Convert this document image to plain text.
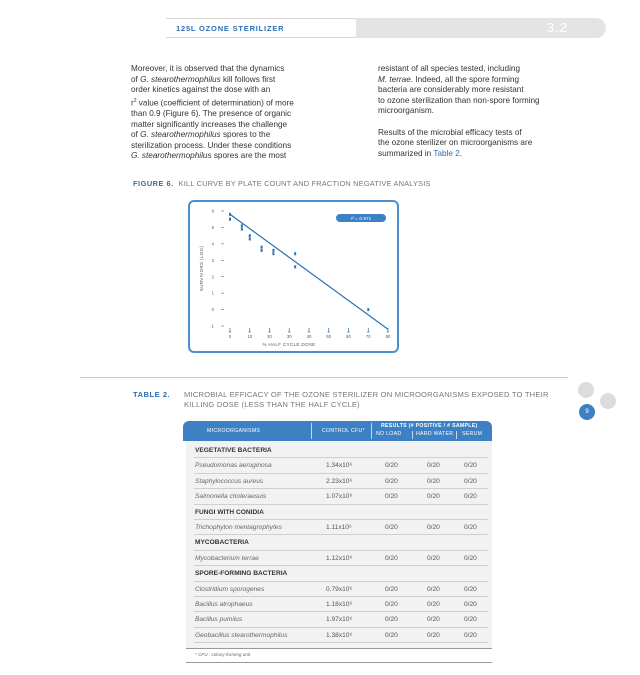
125L OZONE STERILIZER	3.2
Moreover, it is observed that the dynamics
of G. stearothermophilus kill follows first
order kinetics against the dose with an
$r^2$ value (coefficient of determination) of more
than 0.9 (Figure 6). The presence of organic
matter significantly increases the challenge
of G. stearothermophilus spores to the
sterilization process. Under these conditions
G. stearothermophilus spores are the most
resistant of all species tested, including
M. terrae. Indeed, all the spore forming
bacteria are considerably more resistant
to ozone sterilization than non-spore forming
microorganism.
Results of the microbial efficacy tests of
the ozone sterilizer on microorganisms are
summarized in Table 2.
FIGURE 6. KILL CURVE BY PLATE COUNT AND FRACTION NEGATIVE ANALYSIS
-1
0
1
2
3
4
5
6
0	10	20	30	40	50	60	70	80
% HALF CYCLE DOSE
SURVIVORS (LOG)
r² = 0.971
TABLE 2. MICROBIAL EFFICACY OF THE OZONE STERILIZER ON MICROORGANISMS EXPOSED TO THEIR KILLING DOSE (LESS THAN THE HALF CYCLE)
MICROORGANISMS	CONTROL CFU*
RESULTS (# POSITIVE / # SAMPLE)
NO LOAD	HARD WATER SERUM
VEGETATIVE BACTERIA
Pseudomonas aeruginosa	1.34x10⁶	0/20	0/20	0/20
Staphylococcus aureus	2.23x10⁶	0/20	0/20	0/20
Salmonella choleraesuis	1.07x10⁶	0/20	0/20	0/20
FUNGI WITH CONIDIA
Trichophyton mentagrophytes	1.11x10⁶	0/20	0/20	0/20
MYCOBACTERIA
Mycobacterium terrae	1.12x10⁶	0/20	0/20	0/20
SPORE-FORMING BACTERIA
Clostridium sporogenes	0.79x10⁶	0/20	0/20	0/20
Bacillus atrophaeus	1.18x10⁶	0/20	0/20	0/20
Bacillus pumilus	1.97x10⁶	0/20	0/20	0/20
Geobacillus stearothermophilus	1.38x10⁶	0/20	0/20	0/20
* CFU : colony-forming unit
9
